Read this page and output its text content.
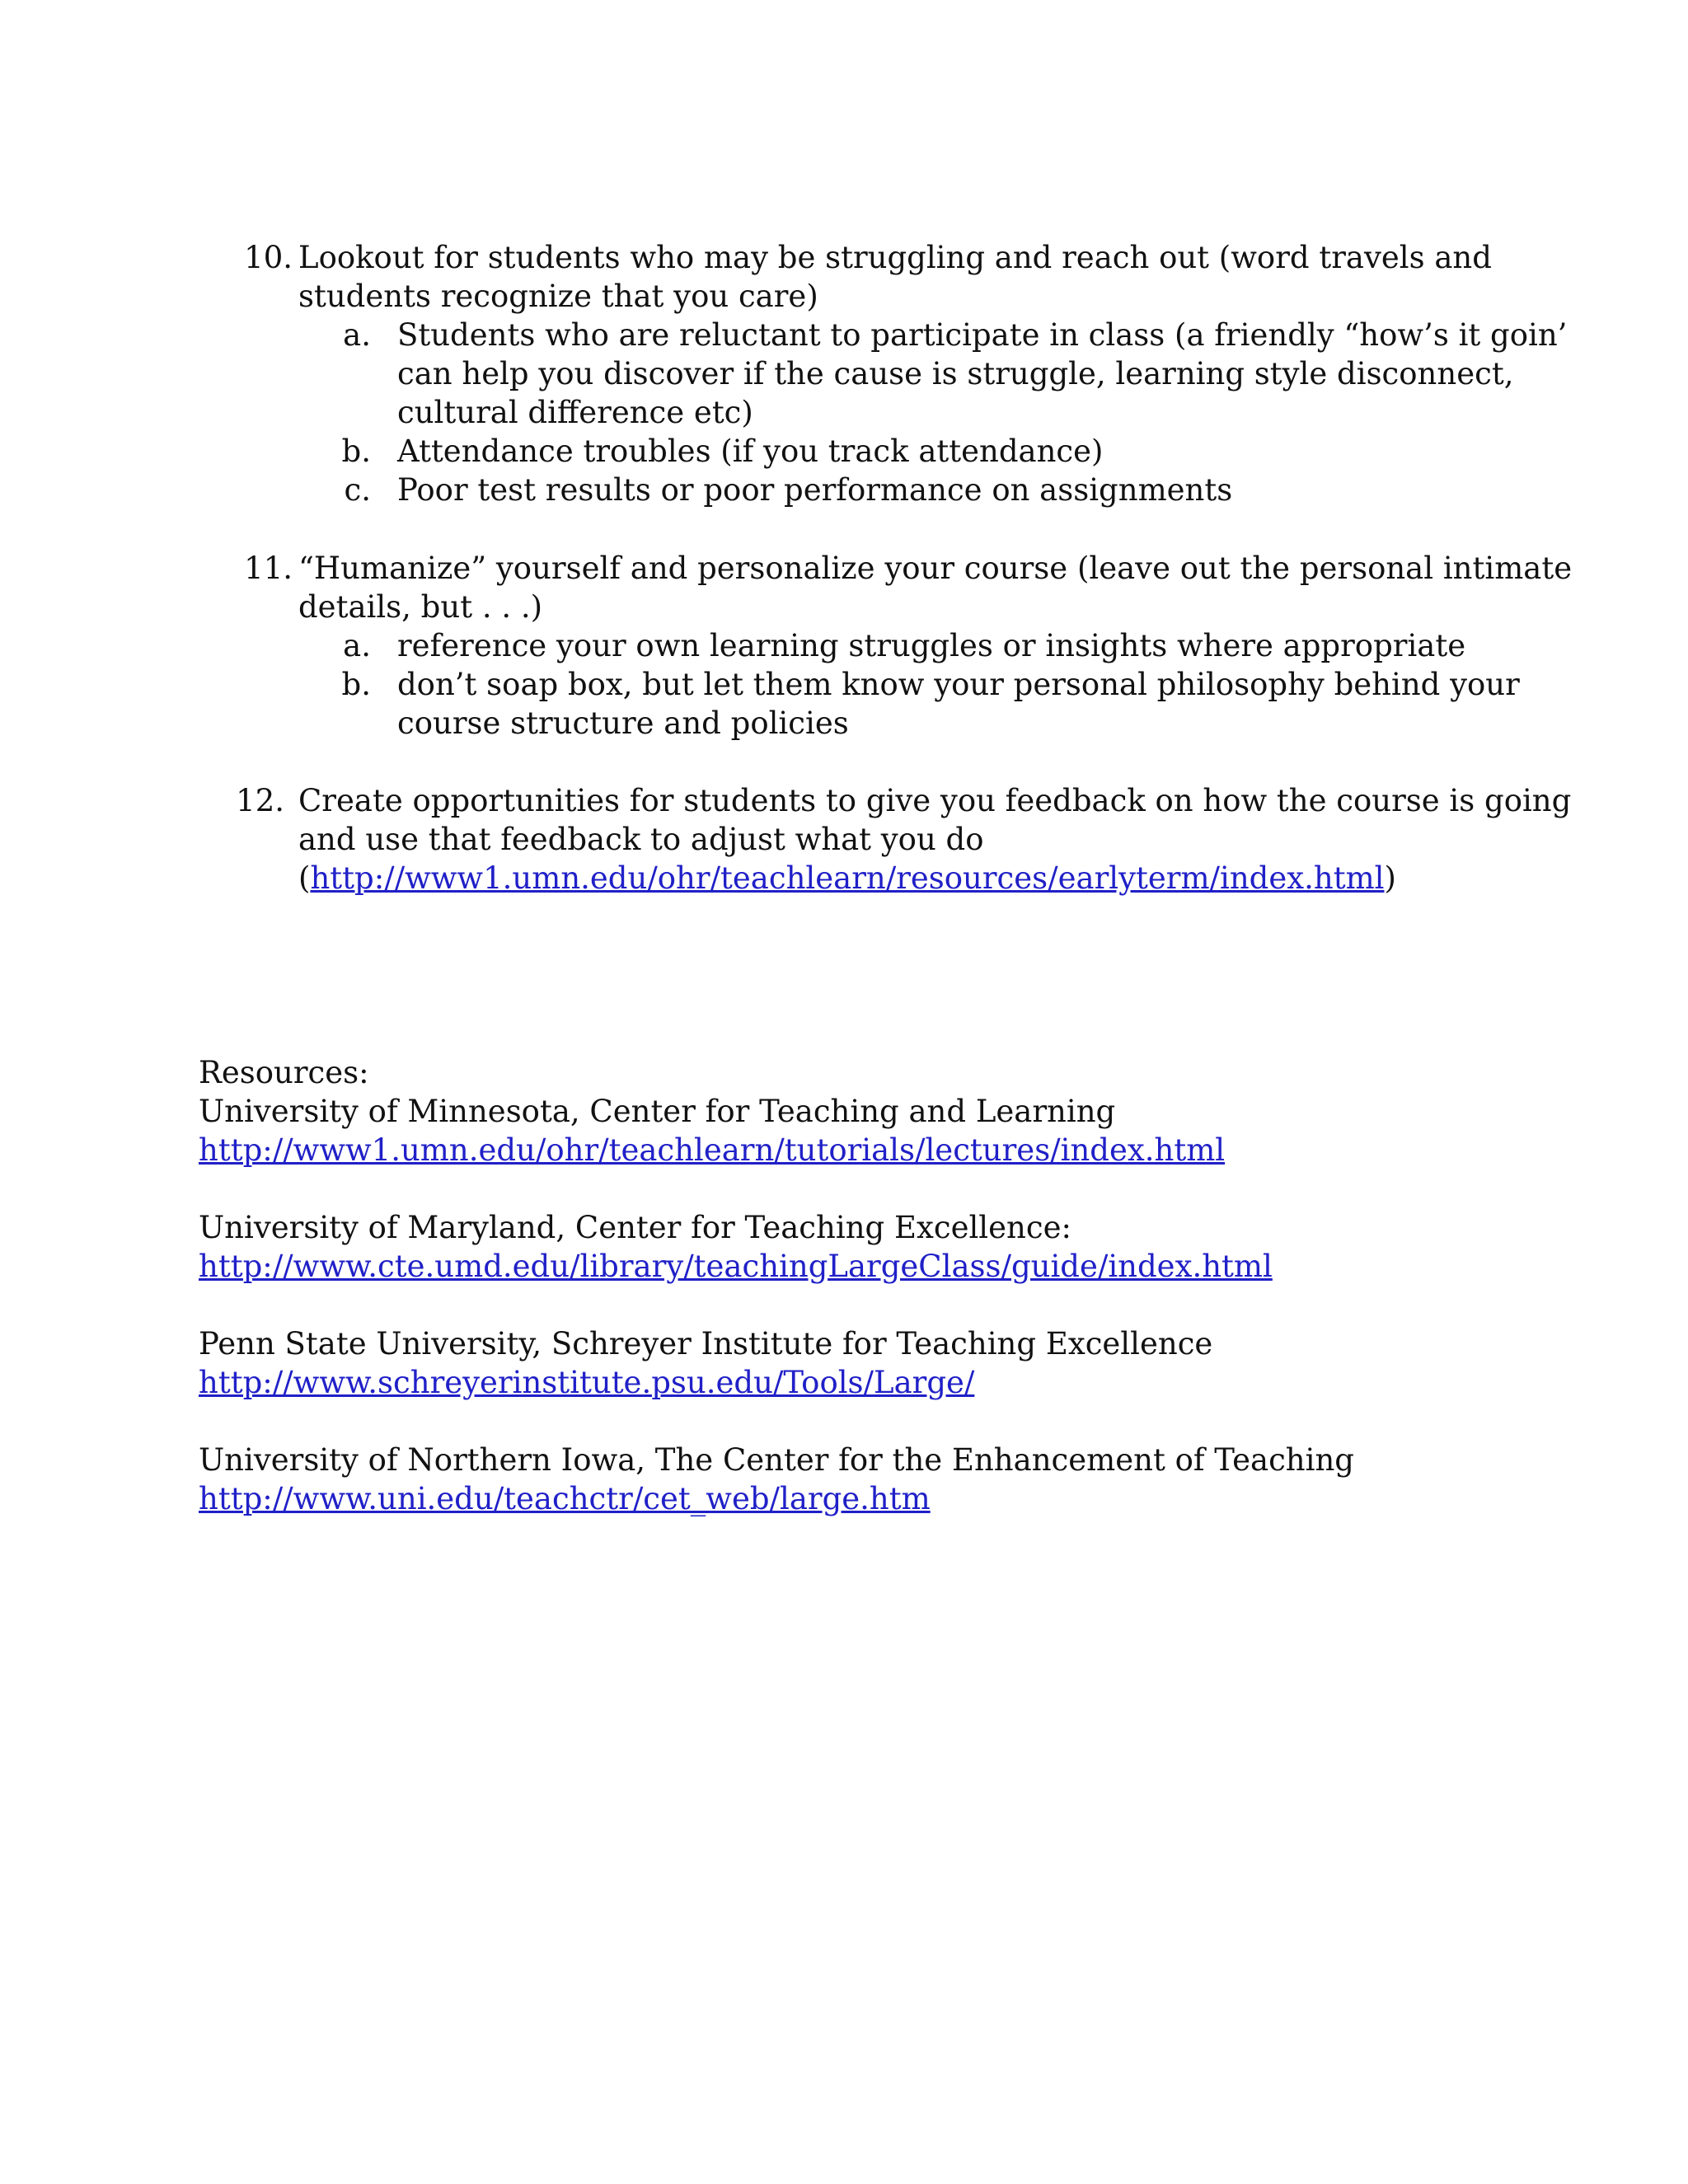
10. Lookout for students who may be struggling and reach out (word travels and
students recognize that you care)
a. Students who are reluctant to participate in class (a friendly “how’s it goin’
can help you discover if the cause is struggle, learning style disconnect,
cultural difference etc)
b. Attendance troubles (if you track attendance)
c. Poor test results or poor performance on assignments
11. “Humanize” yourself and personalize your course (leave out the personal intimate
details, but . . .)
a. reference your own learning struggles or insights where appropriate
b. don’t soap box, but let them know your personal philosophy behind your
course structure and policies
12. Create opportunities for students to give you feedback on how the course is going
and use that feedback to adjust what you do
(http://www1.umn.edu/ohr/teachlearn/resources/earlyterm/index.html)
Resources:
University of Minnesota, Center for Teaching and Learning
http://www1.umn.edu/ohr/teachlearn/tutorials/lectures/index.html
University of Maryland, Center for Teaching Excellence:
http://www.cte.umd.edu/library/teachingLargeClass/guide/index.html
Penn State University, Schreyer Institute for Teaching Excellence
http://www.schreyerinstitute.psu.edu/Tools/Large/
University of Northern Iowa, The Center for the Enhancement of Teaching
http://www.uni.edu/teachctr/cet_web/large.htm
